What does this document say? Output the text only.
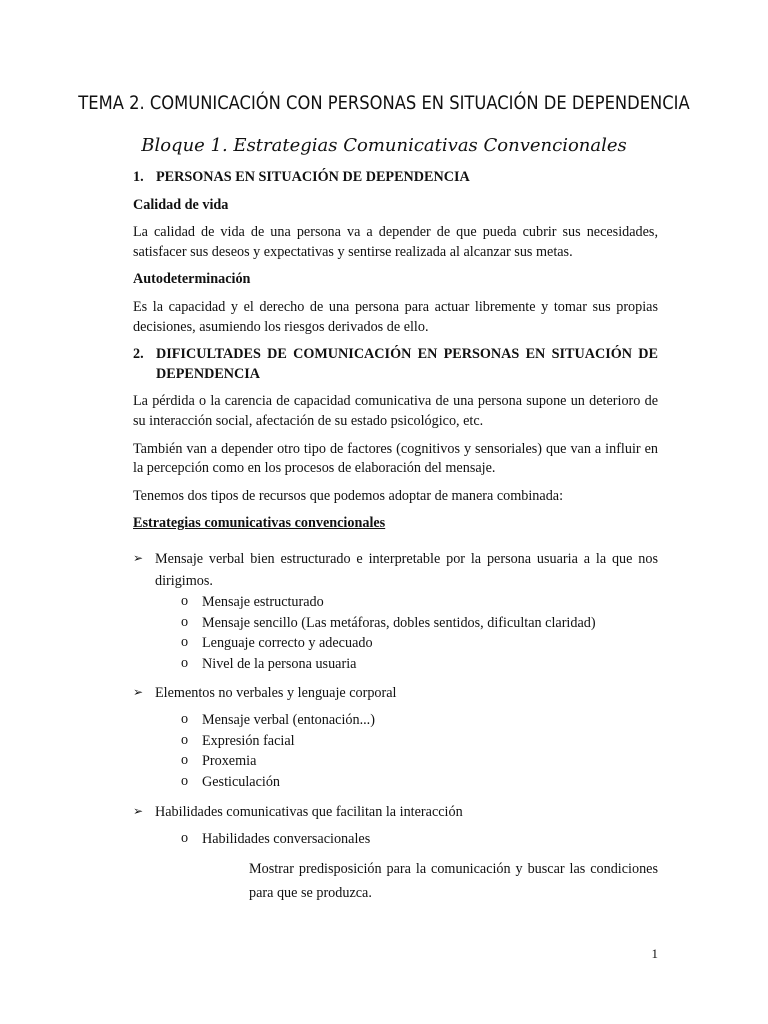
TEMA 2. COMUNICACIÓN CON PERSONAS EN SITUACIÓN DE DEPENDENCIA
Bloque 1. Estrategias Comunicativas Convencionales
1. PERSONAS EN SITUACIÓN DE DEPENDENCIA
Calidad de vida
La calidad de vida de una persona va a depender de que pueda cubrir sus necesidades, satisfacer sus deseos y expectativas y sentirse realizada al alcanzar sus metas.
Autodeterminación
Es la capacidad y el derecho de una persona para actuar libremente y tomar sus propias decisiones, asumiendo los riesgos derivados de ello.
2. DIFICULTADES DE COMUNICACIÓN EN PERSONAS EN SITUACIÓN DE DEPENDENCIA
La pérdida o la carencia de capacidad comunicativa de una persona supone un deterioro de su interacción social, afectación de su estado psicológico, etc.
También van a depender otro tipo de factores (cognitivos y sensoriales) que van a influir en la percepción como en los procesos de elaboración del mensaje.
Tenemos dos tipos de recursos que podemos adoptar de manera combinada:
Estrategias comunicativas convencionales
➢ Mensaje verbal bien estructurado e interpretable por la persona usuaria a la que nos dirigimos.
o Mensaje estructurado
o Mensaje sencillo (Las metáforas, dobles sentidos, dificultan claridad)
o Lenguaje correcto y adecuado
o Nivel de la persona usuaria
➢ Elementos no verbales y lenguaje corporal
o Mensaje verbal (entonación...)
o Expresión facial
o Proxemia
o Gesticulación
➢ Habilidades comunicativas que facilitan la interacción
o Habilidades conversacionales
Mostrar predisposición para la comunicación y buscar las condiciones para que se produzca.
1
